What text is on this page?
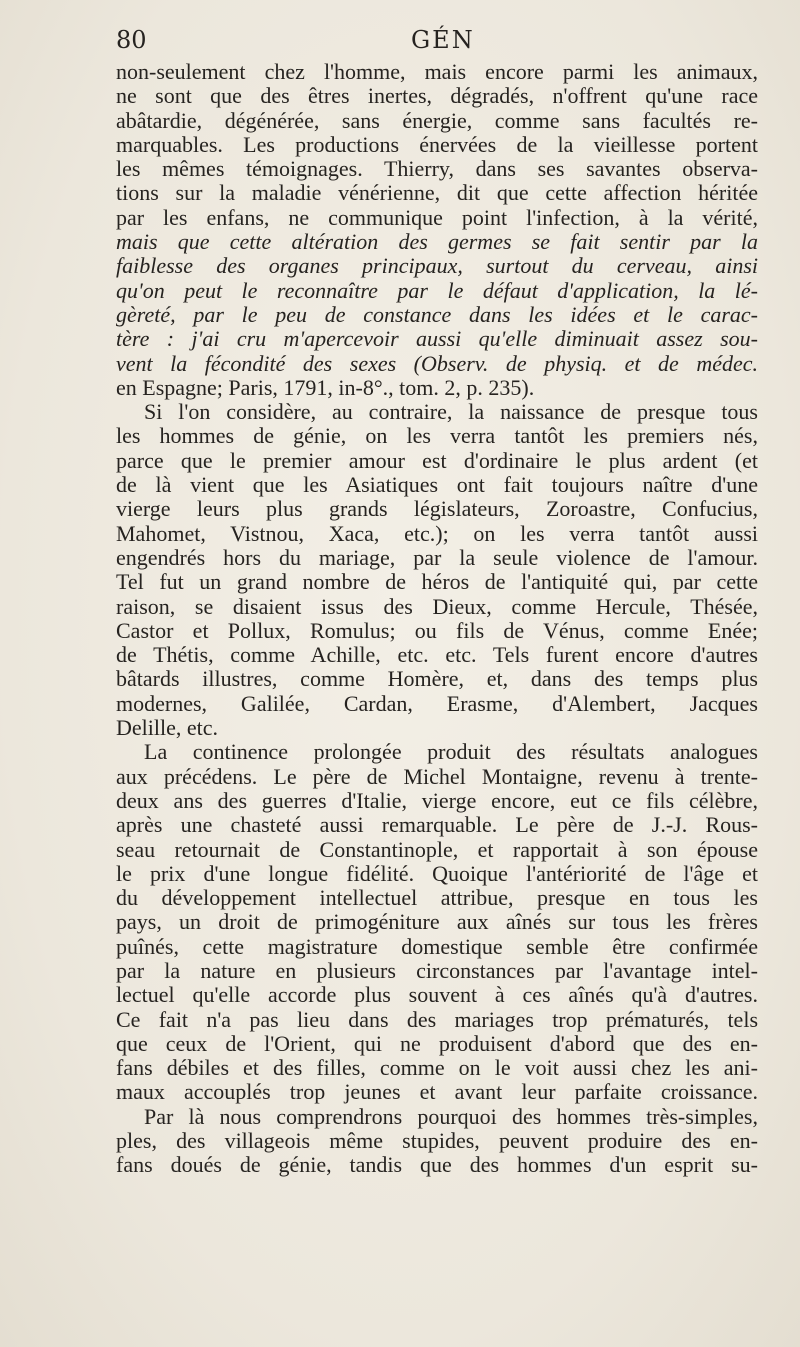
80	GÉN
non-seulement chez l'homme, mais encore parmi les animaux,
ne sont que des êtres inertes, dégradés, n'offrent qu'une race
abâtardie, dégénérée, sans énergie, comme sans facultés re-
marquables. Les productions énervées de la vieillesse portent
les mêmes témoignages. Thierry, dans ses savantes observa-
tions sur la maladie vénérienne, dit que cette affection héritée
par les enfans, ne communique point l'infection, à la vérité,
mais que cette altération des germes se fait sentir par la
faiblesse des organes principaux, surtout du cerveau, ainsi
qu'on peut le reconnaître par le défaut d'application, la lé-
gèreté, par le peu de constance dans les idées et le carac-
tère : j'ai cru m'apercevoir aussi qu'elle diminuait assez sou-
vent la fécondité des sexes (Observ. de physiq. et de médec.
en Espagne; Paris, 1791, in-8°., tom. 2, p. 235).
Si l'on considère, au contraire, la naissance de presque tous
les hommes de génie, on les verra tantôt les premiers nés,
parce que le premier amour est d'ordinaire le plus ardent (et
de là vient que les Asiatiques ont fait toujours naître d'une
vierge leurs plus grands législateurs, Zoroastre, Confucius,
Mahomet, Vistnou, Xaca, etc.); on les verra tantôt aussi
engendrés hors du mariage, par la seule violence de l'amour.
Tel fut un grand nombre de héros de l'antiquité qui, par cette
raison, se disaient issus des Dieux, comme Hercule, Thésée,
Castor et Pollux, Romulus; ou fils de Vénus, comme Enée;
de Thétis, comme Achille, etc. etc. Tels furent encore d'autres
bâtards illustres, comme Homère, et, dans des temps plus
modernes, Galilée, Cardan, Erasme, d'Alembert, Jacques
Delille, etc.
La continence prolongée produit des résultats analogues
aux précédens. Le père de Michel Montaigne, revenu à trente-
deux ans des guerres d'Italie, vierge encore, eut ce fils célèbre,
après une chasteté aussi remarquable. Le père de J.-J. Rous-
seau retournait de Constantinople, et rapportait à son épouse
le prix d'une longue fidélité. Quoique l'antériorité de l'âge et
du développement intellectuel attribue, presque en tous les
pays, un droit de primogéniture aux aînés sur tous les frères
puînés, cette magistrature domestique semble être confirmée
par la nature en plusieurs circonstances par l'avantage intel-
lectuel qu'elle accorde plus souvent à ces aînés qu'à d'autres.
Ce fait n'a pas lieu dans des mariages trop prématurés, tels
que ceux de l'Orient, qui ne produisent d'abord que des en-
fans débiles et des filles, comme on le voit aussi chez les ani-
maux accouplés trop jeunes et avant leur parfaite croissance.
Par là nous comprendrons pourquoi des hommes très-simples,
ples, des villageois même stupides, peuvent produire des en-
fans doués de génie, tandis que des hommes d'un esprit su-
